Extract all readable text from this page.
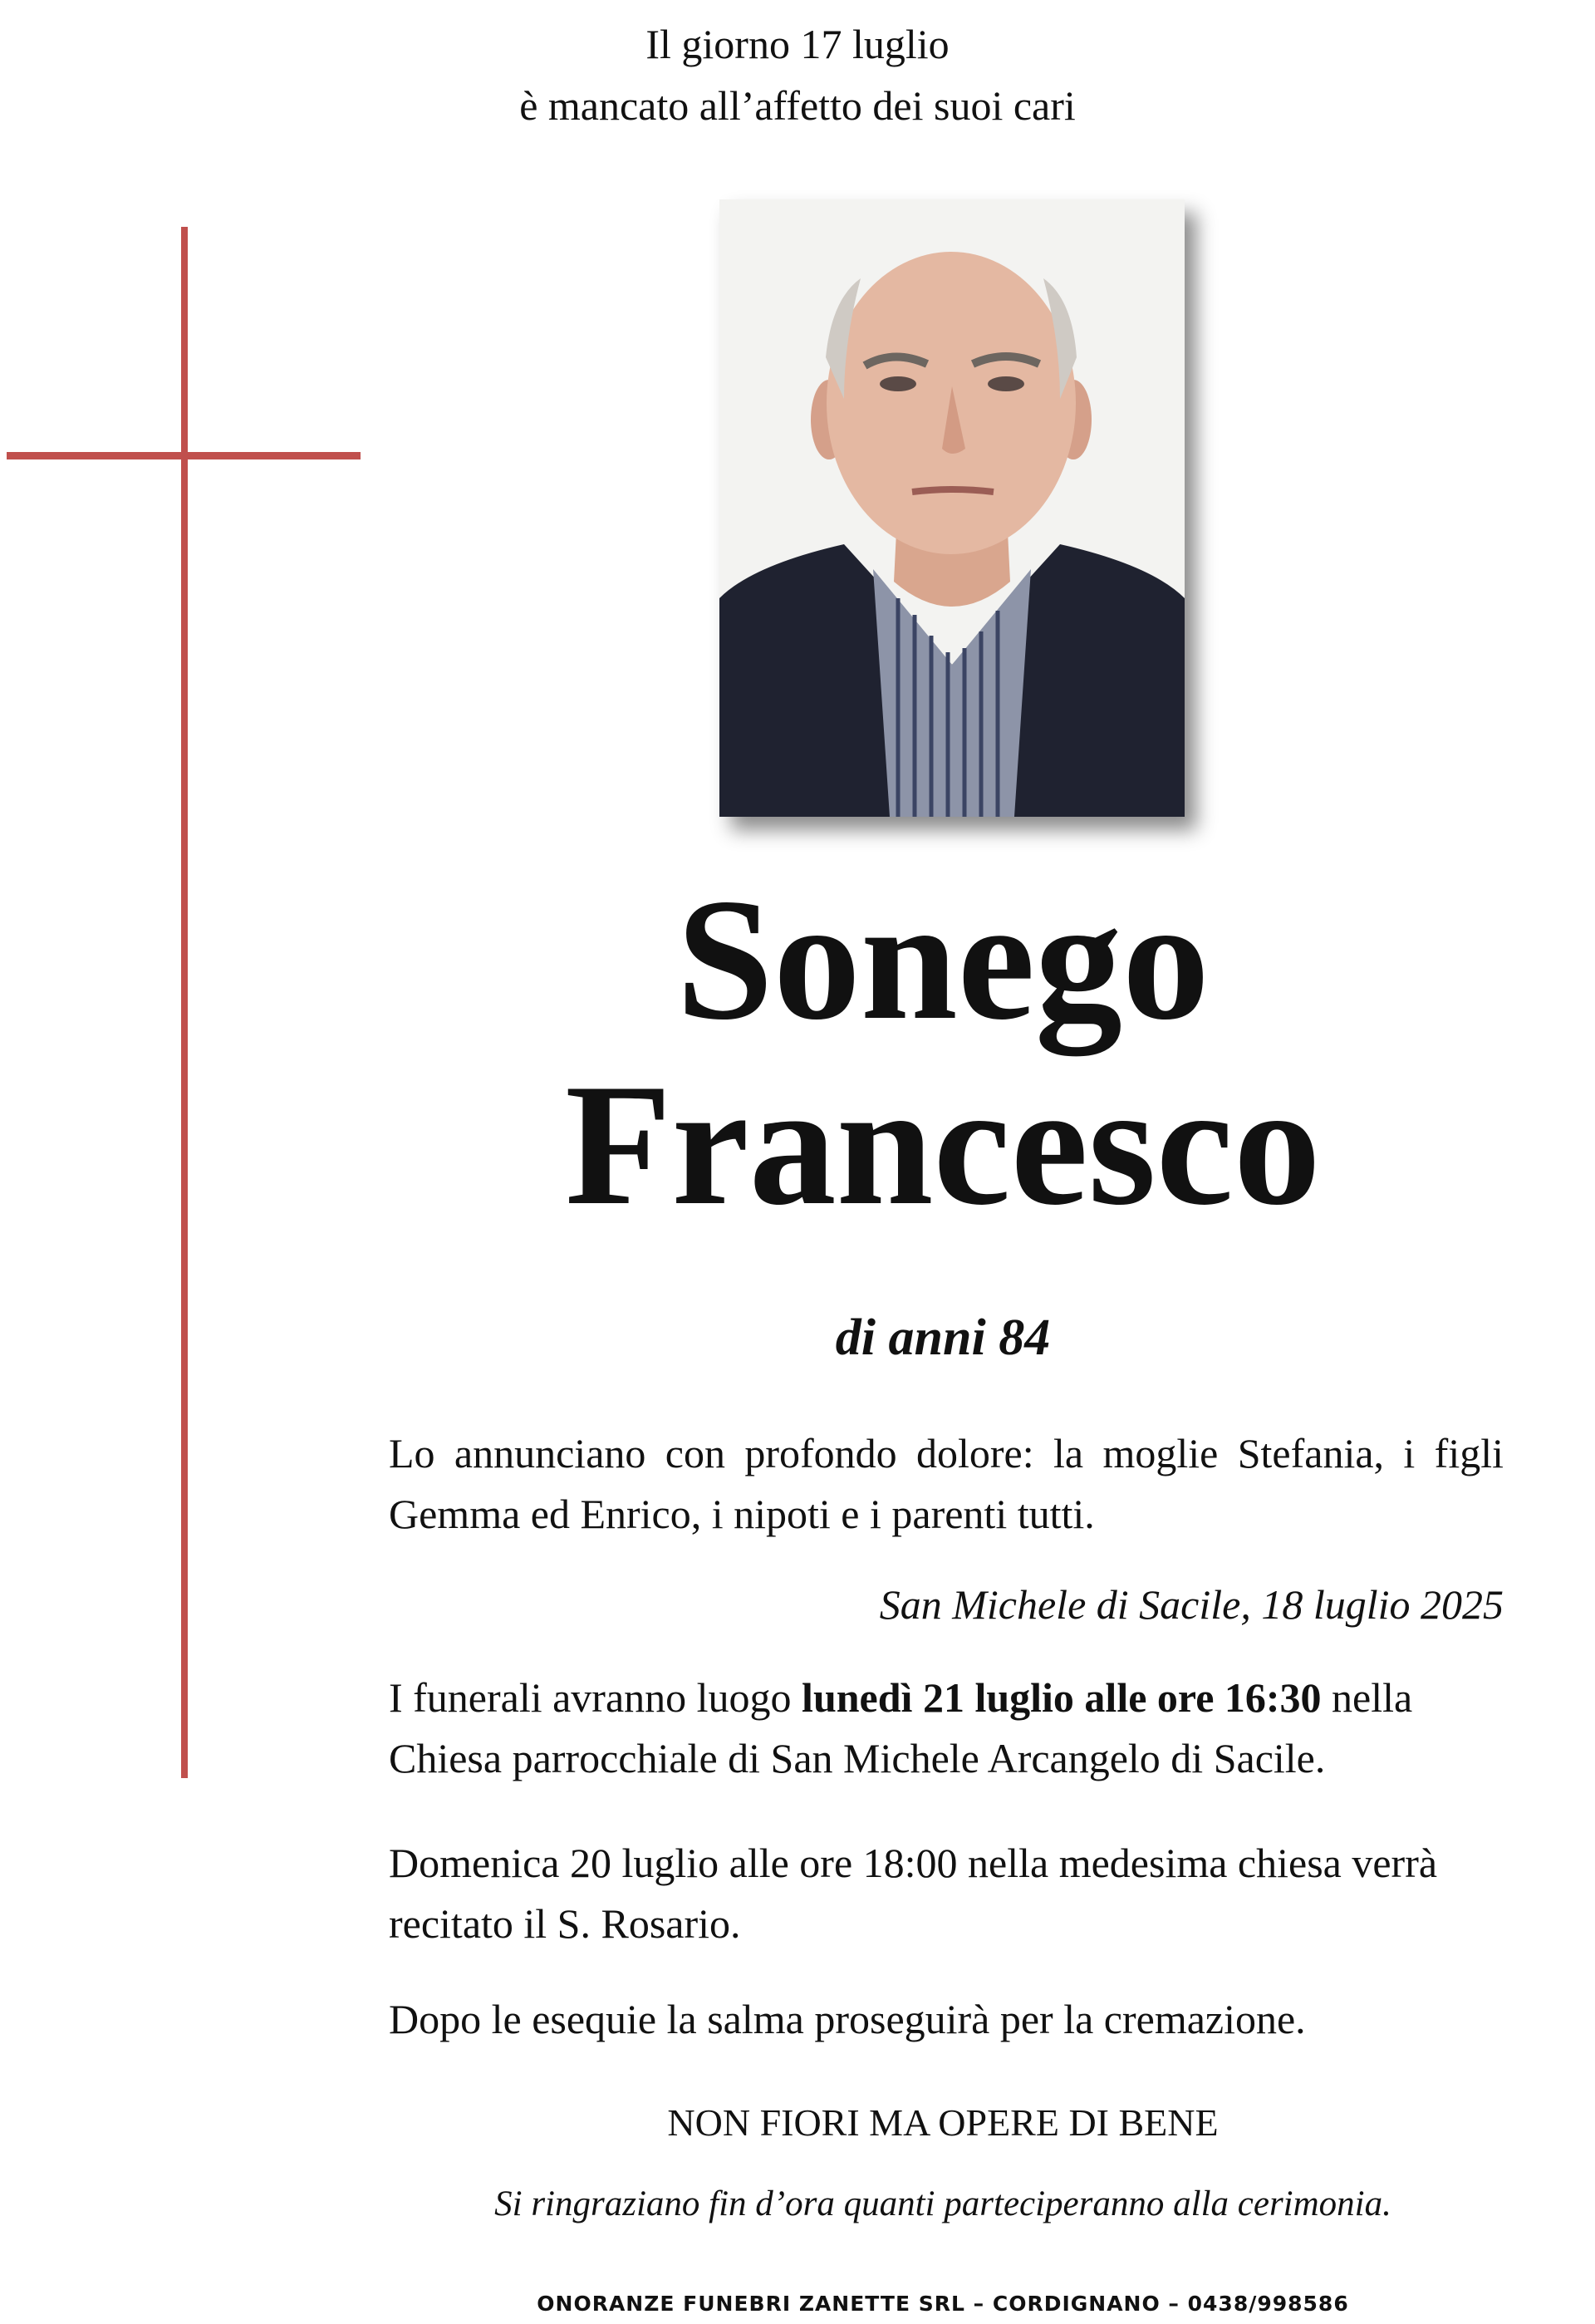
Il giorno 17 luglio
è mancato all’affetto dei suoi cari
Sonego
Francesco
di anni 84
Lo annunciano con profondo dolore: la moglie Stefania, i figli Gemma ed Enrico, i nipoti e i parenti tutti.
San Michele di Sacile, 18 luglio 2025
I funerali avranno luogo lunedì 21 luglio alle ore 16:30 nella Chiesa parrocchiale di San Michele Arcangelo di Sacile.
Domenica 20 luglio alle ore 18:00 nella medesima chiesa verrà recitato il S. Rosario.
Dopo le esequie la salma proseguirà per la cremazione.
NON FIORI MA OPERE DI BENE
Si ringraziano fin d’ora quanti parteciperanno alla cerimonia.
ONORANZE FUNEBRI ZANETTE SRL – CORDIGNANO – 0438/998586
